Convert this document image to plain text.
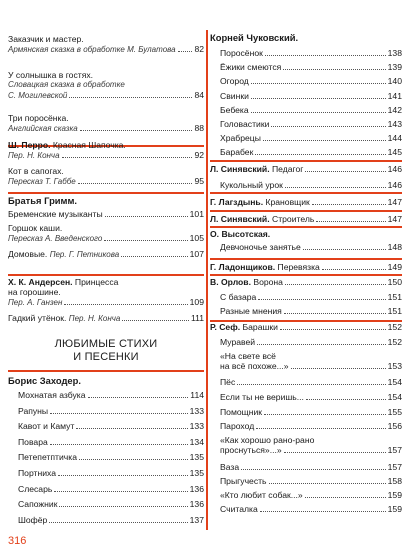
Заказчик и мастер.
Армянская сказка в обработке М. Булатова 82
У солнышка в гостях.
Словацкая сказка в обработке
С. Могилевской	84
Три поросёнка.
Английская сказка	88
Ш. Перро. Красная Шапочка.
Пер. Н. Конча	92
Кот в сапогах.
Пересказ Т. Габбе	95
Братья Гримм.
Бременские музыканты	101
Горшок каши.
Пересказ А. Введенского	105
Домовые. Пер. Г. Петникова	107
Х. К. Андерсен. Принцесса
на горошине.
Пер. А. Ганзен	109
Гадкий утёнок. Пер. Н. Конча	111
ЛЮБИМЫЕ СТИХИ
И ПЕСЕНКИ
Борис Заходер.
Мохнатая азбука	114
Рапуны	133
Кавот и Камут	133
Повара	134
Петепетптичка	135
Портниха	135
Слесарь	136
Сапожник	136
Шофёр	137
Корней Чуковский.
Поросёнок	138
Ёжики смеются	139
Огород	140
Свинки	141
Бебека	142
Головастики	143
Храбрецы	144
Барабек	145
Л. Синявский. Педагог	146
Кукольный урок	146
Г. Лагздынь. Крановщик	147
Л. Синявский. Строитель	147
О. Высотская.
Девчоночье занятье	148
Г. Ладонщиков. Перевязка	149
В. Орлов. Ворона	150
С базара	151
Разные мнения	151
Р. Сеф. Барашки	152
Муравей	152
«На свете всё
на всё похоже...»	153
Пёс	154
Если ты не веришь...	154
Помощник	155
Пароход	156
«Как хорошо рано-рано
проснуться»...»	157
Ваза	157
Прыгучесть	158
«Кто любит собак...»	159
Считалка	159
316
